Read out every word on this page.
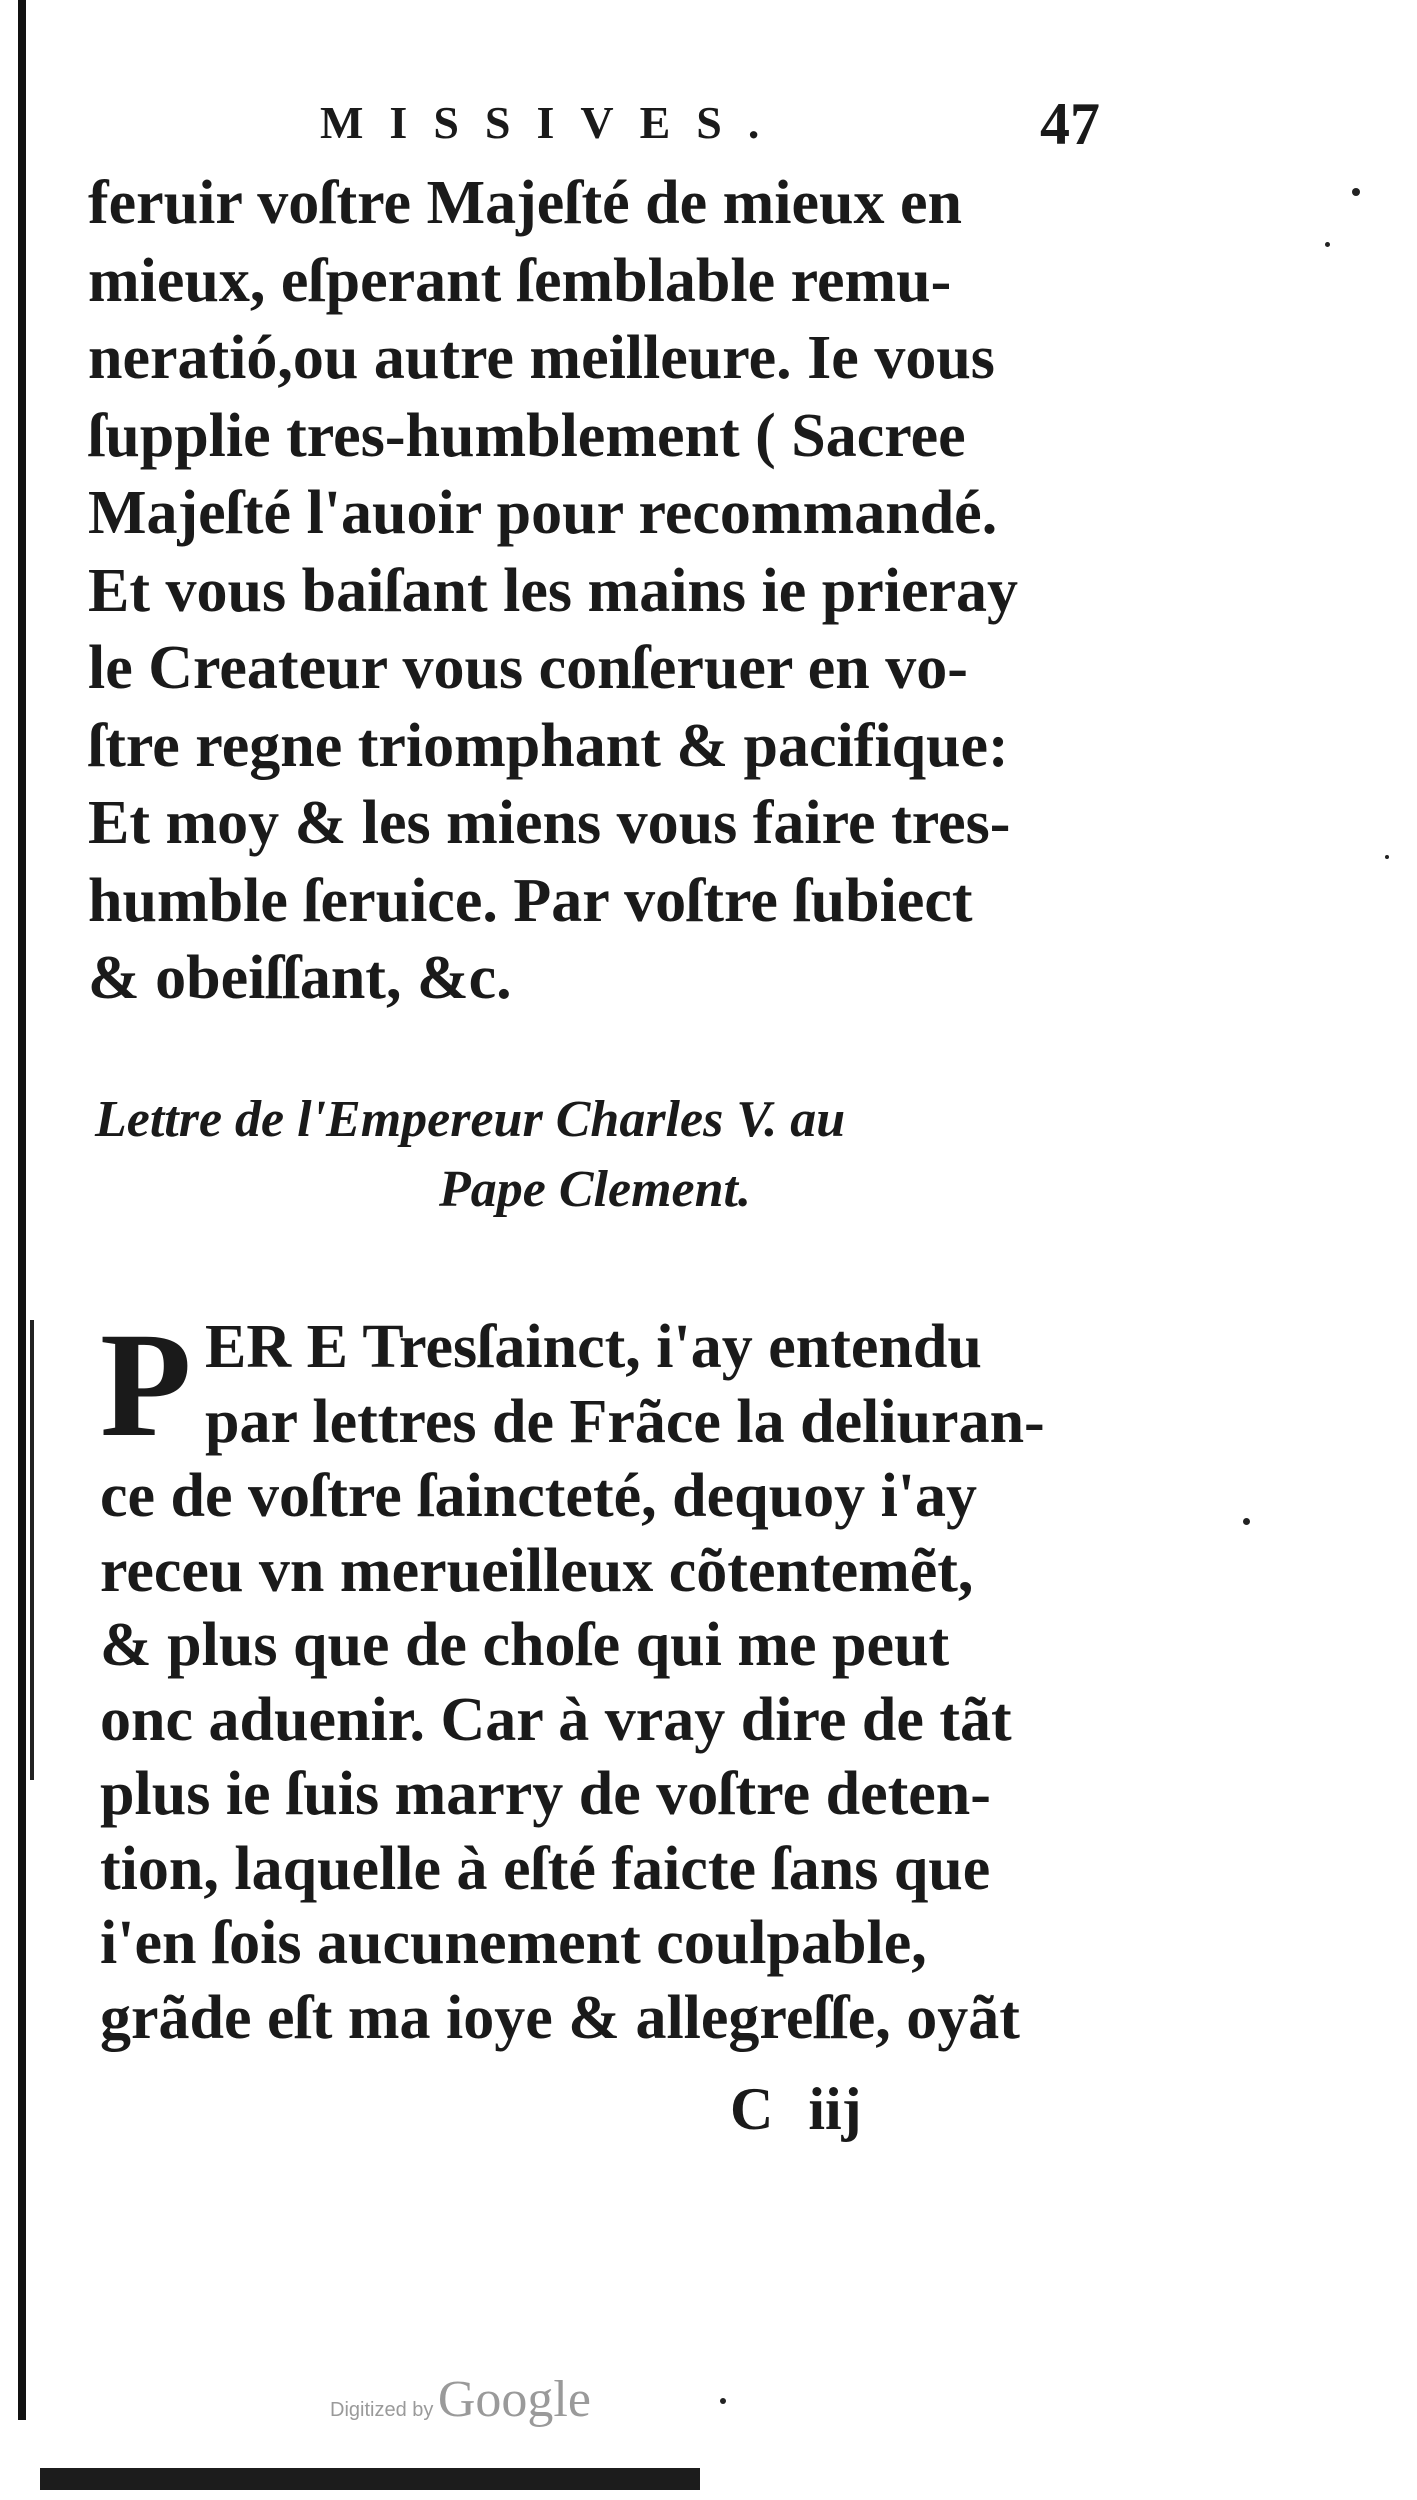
MISSIVES.	47
feruir voſtre Majeſté de mieux en
mieux, eſperant ſemblable remu-
neratió,ou autre meilleure. Ie vous
ſupplie tres-humblement ( Sacree
Majeſté l'auoir pour recommandé.
Et vous baiſant les mains ie prieray
le Createur vous conſeruer en vo-
ſtre regne triomphant & pacifique:
Et moy & les miens vous faire tres-
humble ſeruice. Par voſtre ſubiect
& obeiſſant, &c.
Lettre de l'Empereur Charles V. au
Pape Clement.
P ER E Tresſainct, i'ay entendu
par lettres de Frãce la deliuran-
ce de voſtre ſaincteté, dequoy i'ay
receu vn merueilleux cõtentemẽt,
& plus que de choſe qui me peut
onc aduenir. Car à vray dire de tãt
plus ie ſuis marry de voſtre deten-
tion, laquelle à eſté faicte ſans que
i'en ſois aucunement coulpable,
grãde eſt ma ioye & allegreſſe, oyãt
C iij
Digitized by Google
